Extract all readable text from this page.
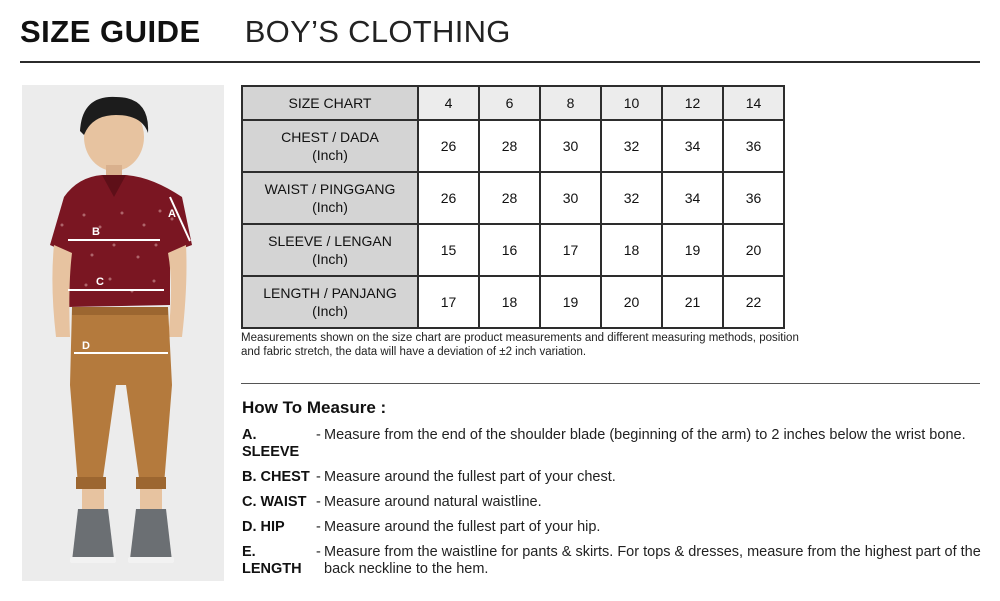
SIZE GUIDE BOY’S CLOTHING
B
C
D
A
SIZE CHART	4	6	8	10	12	14

CHEST / DADA
(Inch)	26	28	30	32	34	36

WAIST / PINGGANG
(Inch)	26	28	30	32	34	36

SLEEVE / LENGAN
(Inch)	15	16	17	18	19	20

LENGTH / PANJANG
(Inch)	17	18	19	20	21	22

Measurements shown on the size chart are product measurements and different measuring methods, position and fabric stretch, the data will have a deviation of ±2 inch variation.

How To Measure :
A. SLEEVE
- Measure from the end of the shoulder blade (beginning of the arm) to 2 inches below the wrist bone.
B. CHEST - Measure around the fullest part of your chest.
C. WAIST - Measure around natural waistline.
D. HIP	- Measure around the fullest part of your hip.
E. LENGTH
- Measure from the waistline for pants & skirts. For tops & dresses, measure from the highest part of the back neckline to the hem.
